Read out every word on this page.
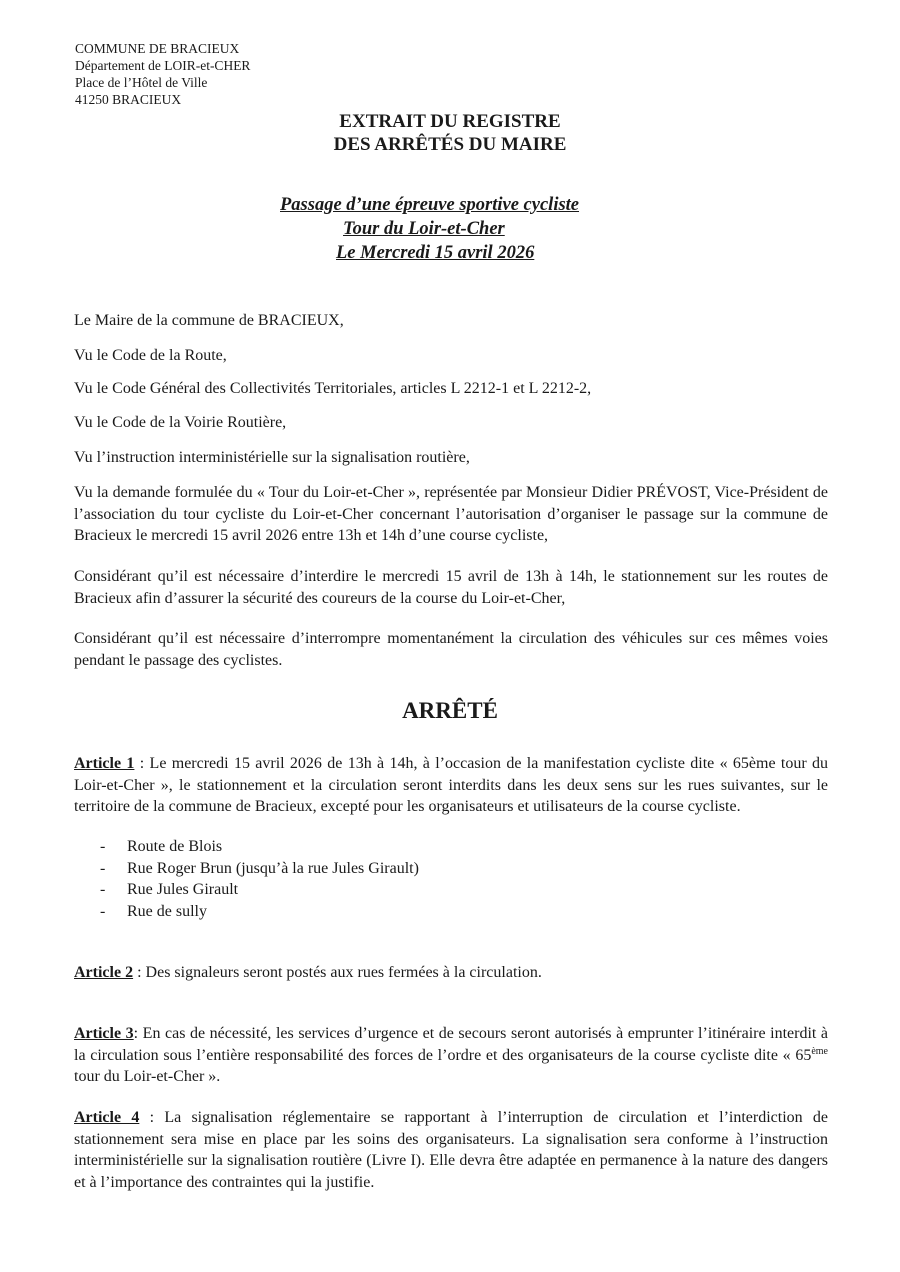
COMMUNE DE BRACIEUX
Département de LOIR-et-CHER
Place de l’Hôtel de Ville
41250 BRACIEUX
EXTRAIT DU REGISTRE
DES ARRÊTÉS DU MAIRE
Passage d’une épreuve sportive cycliste
Tour du Loir-et-Cher
Le Mercredi 15 avril 2026
Le Maire de la commune de BRACIEUX,
Vu le Code de la Route,
Vu le Code Général des Collectivités Territoriales, articles L 2212-1 et L 2212-2,
Vu le Code de la Voirie Routière,
Vu l’instruction interministérielle sur la signalisation routière,
Vu la demande formulée du « Tour du Loir-et-Cher », représentée par Monsieur Didier PRÉVOST, Vice-Président de l’association du tour cycliste du Loir-et-Cher concernant l’autorisation d’organiser le passage sur la commune de Bracieux le mercredi 15 avril 2026 entre 13h et 14h d’une course cycliste,
Considérant qu’il est nécessaire d’interdire le mercredi 15 avril de 13h à 14h, le stationnement sur les routes de Bracieux afin d’assurer la sécurité des coureurs de la course du Loir-et-Cher,
Considérant qu’il est nécessaire d’interrompre momentanément la circulation des véhicules sur ces mêmes voies pendant le passage des cyclistes.
ARRÊTÉ
Article 1 : Le mercredi 15 avril 2026 de 13h à 14h, à l’occasion de la manifestation cycliste dite « 65ème tour du Loir-et-Cher », le stationnement et la circulation seront interdits dans les deux sens sur les rues suivantes, sur le territoire de la commune de Bracieux, excepté pour les organisateurs et utilisateurs de la course cycliste.
- Route de Blois
- Rue Roger Brun (jusqu’à la rue Jules Girault)
- Rue Jules Girault
- Rue de sully
Article 2 : Des signaleurs seront postés aux rues fermées à la circulation.
Article 3: En cas de nécessité, les services d’urgence et de secours seront autorisés à emprunter l’itinéraire interdit à la circulation sous l’entière responsabilité des forces de l’ordre et des organisateurs de la course cycliste dite « 65ème tour du Loir-et-Cher ».
Article 4 : La signalisation réglementaire se rapportant à l’interruption de circulation et l’interdiction de stationnement sera mise en place par les soins des organisateurs. La signalisation sera conforme à l’instruction interministérielle sur la signalisation routière (Livre I). Elle devra être adaptée en permanence à la nature des dangers et à l’importance des contraintes qui la justifie.
